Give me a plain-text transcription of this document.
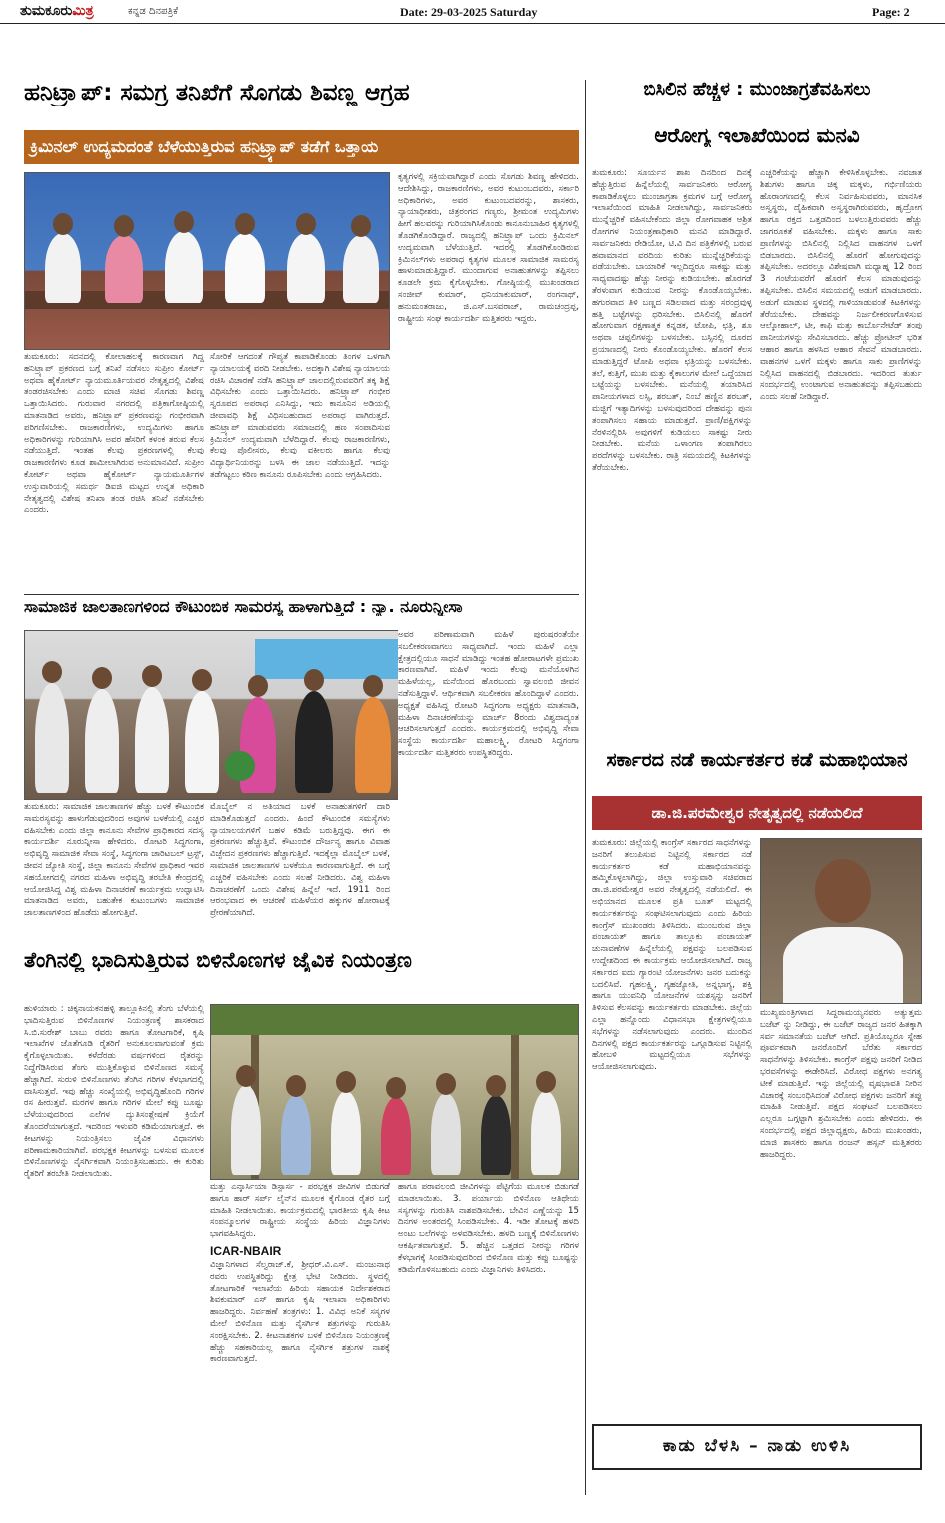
ತುಮಕೂರುಮಿತ್ರ	ಕನ್ನಡ ದಿನಪತ್ರಿಕೆ	Date: 29-03-2025 Saturday	Page: 2
ಹನಿಟ್ರ್ಯಾಪ್: ಸಮಗ್ರ ತನಿಖೆಗೆ ಸೊಗಡು ಶಿವಣ್ಣ ಆಗ್ರಹ
ಕ್ರಿಮಿನಲ್ ಉದ್ಯಮದಂತೆ ಬೆಳೆಯುತ್ತಿರುವ ಹನಿಟ್ರ್ಯಾಪ್ ತಡೆಗೆ ಒತ್ತಾಯ
ತುಮಕೂರು: ಸದನದಲ್ಲಿ ಕೋಲಾಹಲಕ್ಕೆ ಕಾರಣವಾಗ ಗಿದ್ದ ಹನಿಟ್ರ್ಯಾಪ್ ಪ್ರಕರಣದ ಬಗ್ಗೆ ತನಿಖೆ ನಡೆಸಲು ಸುಪ್ರೀಂ ಕೋರ್ಟ್ ಅಥವಾ ಹೈಕೋರ್ಟ್ ನ್ಯಾಯಮೂರ್ತಿಯವರ ನೇತೃತ್ವದಲ್ಲಿ ವಿಶೇಷ ತಂಡರಚಿಸಬೇಕು ಎಂದು ಮಾಜಿ ಸಚಿವ ಸೊಗಡು ಶಿವಣ್ಣ ಒತ್ತಾಯಿಸಿದರು. ಗುರುವಾರ ನಗರದಲ್ಲಿ ಪತ್ರಿಕಾಗೋಷ್ಠಿಯಲ್ಲಿ ಮಾತನಾಡಿದ ಅವರು, ಹನಿಟ್ರ್ಯಾಪ್ ಪ್ರಕರಣವನ್ನು ಗಂಭೀರವಾಗಿ ಪರಿಗಣಿಸಬೇಕು. ರಾಜಕಾರಣಿಗಳು, ಉದ್ಯಮಿಗಳು ಹಾಗೂ ಅಧಿಕಾರಿಗಳನ್ನು ಗುರಿಯಾಗಿಸಿ ಅವರ ಹೆಸರಿಗೆ ಕಳಂಕ ತರುವ ಕೆಲಸ ನಡೆಯುತ್ತಿದೆ. ಇಂತಹ ಕೆಲವು ಪ್ರಕರಣಗಳಲ್ಲಿ ಕೆಲವು ರಾಜಕಾರಣಿಗಳು ಕೂಡ ಶಾಮೀಲಾಗಿರುವ ಅನುಮಾನವಿದೆ. ಸುಪ್ರೀಂ ಕೋರ್ಟ್ ಅಥವಾ ಹೈಕೋರ್ಟ್ ನ್ಯಾಯಮೂರ್ತಿಗಳ ಉಸ್ತುವಾರಿಯಲ್ಲಿ ಸಮರ್ಥ ಡಿಐಜಿ ಮಟ್ಟದ ಉನ್ನತ ಅಧಿಕಾರಿ ನೇತೃತ್ವದಲ್ಲಿ ವಿಶೇಷ ತನಿಖಾ ತಂಡ ರಚಿಸಿ ತನಿಖೆ ನಡೆಸಬೇಕು ಎಂದರು.
ಸೋರಿಕೆ ಆಗದಂತೆ ಗೌಪ್ಯತೆ ಕಾಪಾಡಿಕೊಂಡು ತಿಂಗಳ ಒಳಗಾಗಿ ನ್ಯಾಯಾಲಯಕ್ಕೆ ವರದಿ ನೀಡಬೇಕು. ಅದಕ್ಕಾಗಿ ವಿಶೇಷ ನ್ಯಾಯಾಲಯ ರಚಿಸಿ ವಿಚಾರಣೆ ನಡೆಸಿ ಹನಿಟ್ರ್ಯಾಪ್ ಜಾಲದಲ್ಲಿರುವವರಿಗೆ ತಕ್ಕ ಶಿಕ್ಷೆ ವಿಧಿಸಬೇಕು ಎಂದು ಒತ್ತಾಯಿಸಿದರು. ಹನಿಟ್ರ್ಯಾಪ್ ಗಂಭೀರ ಸ್ವರೂಪದ ಅಪರಾಧ ಎನಿಸಿದ್ದು, ಇದು ಕಾನೂನಿನ ಅಡಿಯಲ್ಲಿ ಜೀವಾವಧಿ ಶಿಕ್ಷೆ ವಿಧಿಸಬಹುದಾದ ಅಪರಾಧ ವಾಗಿರುತ್ತದೆ. ಹನಿಟ್ರ್ಯಾಪ್ ಮಾಡುವವರು ಸಮಾಜದಲ್ಲಿ ಹಣ ಸಂಪಾದಿಸುವ ಕ್ರಿಮಿನಲ್ ಉದ್ಯಮವಾಗಿ ಬೆಳೆದಿದ್ದಾರೆ. ಕೆಲವು ರಾಜಕಾರಣಿಗಳು, ಕೆಲವು ಪೊಲೀಸರು, ಕೆಲವು ವಕೀಲರು ಹಾಗೂ ಕೆಲವು ವಿದ್ಯಾರ್ಥಿನಿಯರನ್ನು ಬಳಸಿ ಈ ಜಾಲ ನಡೆಯುತ್ತಿದೆ. ಇದನ್ನು ತಡೆಗಟ್ಟಲು ಕಠಿಣ ಕಾನೂನು ರೂಪಿಸಬೇಕು ಎಂದು ಆಗ್ರಹಿಸಿದರು.
ಕೃತ್ಯಗಳಲ್ಲಿ ಸಕ್ರಿಯವಾಗಿದ್ದಾರೆ ಎಂದು ಸೊಗಡು ಶಿವಣ್ಣ ಹೇಳಿದರು. ಆದೇಶಿಸಿದ್ದು, ರಾಜಕಾರಣಿಗಳು, ಅವರ ಕುಟುಂಬದವರು, ಸರ್ಕಾರಿ ಅಧಿಕಾರಿಗಳು, ಅವರ ಕುಟುಂಬದವರನ್ನು, ಶಾಸಕರು, ನ್ಯಾಯಾಧೀಶರು, ಚಿತ್ರರಂಗದ ಗಣ್ಯರು, ಶ್ರೀಮಂತ ಉದ್ಯಮಿಗಳು ಹೀಗೆ ಹಲವರನ್ನು ಗುರಿಯಾಗಿಸಿಕೊಂಡು ಕಾನೂನುಬಾಹಿರ ಕೃತ್ಯಗಳಲ್ಲಿ ತೊಡಗಿಕೊಂಡಿದ್ದಾರೆ. ರಾಜ್ಯದಲ್ಲಿ ಹನಿಟ್ರ್ಯಾಪ್ ಒಂದು ಕ್ರಿಮಿನಲ್ ಉದ್ಯಮವಾಗಿ ಬೆಳೆಯುತ್ತಿದೆ. ಇದರಲ್ಲಿ ತೊಡಗಿಕೊಂಡಿರುವ ಕ್ರಿಮಿನಲ್‌ಗಳು ಅಪರಾಧ ಕೃತ್ಯಗಳ ಮೂಲಕ ಸಾಮಾಜಿಕ ಸಾಮರಸ್ಯ ಹಾಳುಮಾಡುತ್ತಿದ್ದಾರೆ. ಮುಂದಾಗುವ ಅನಾಹುತಗಳನ್ನು ತಪ್ಪಿಸಲು ಕೂಡಲೇ ಕ್ರಮ ಕೈಗೊಳ್ಳಬೇಕು. ಗೋಷ್ಠಿಯಲ್ಲಿ ಮುಖಂಡರಾದ ಸಂಜೀವ್ ಕುಮಾರ್, ಧನಿಯಾಕುಮಾರ್, ರಂಗನಾಥ್, ಹನುಮಂತರಾಜು, ಜಿ.ಎಸ್.ಬಸವರಾಜ್, ರಾಮಚಂದ್ರಪ್ಪ, ರಾಷ್ಟ್ರೀಯ ಸಂಘ ಕಾರ್ಯದರ್ಶಿ ಮತ್ತಿತರರು ಇದ್ದರು.
ಬಿಸಿಲಿನ ಹೆಚ್ಚಳ : ಮುಂಜಾಗ್ರತೆವಹಿಸಲು
ಆರೋಗ್ಯ ಇಲಾಖೆಯಿಂದ ಮನವಿ
ತುಮಕೂರು: ಸೂರ್ಯನ ಶಾಖ ದಿನದಿಂದ ದಿನಕ್ಕೆ ಹೆಚ್ಚುತ್ತಿರುವ ಹಿನ್ನೆಲೆಯಲ್ಲಿ ಸಾರ್ವಜನಿಕರು ಆರೋಗ್ಯ ಕಾಪಾಡಿಕೊಳ್ಳಲು ಮುಂಜಾಗ್ರತಾ ಕ್ರಮಗಳ ಬಗ್ಗೆ ಆರೋಗ್ಯ ಇಲಾಖೆಯಿಂದ ಮಾಹಿತಿ ನೀಡಲಾಗಿದ್ದು, ಸಾರ್ವಜನಿಕರು ಮುನ್ನೆಚ್ಚರಿಕೆ ವಹಿಸಬೇಕೆಂದು ಜಿಲ್ಲಾ ರೋಗವಾಹಕ ಆಶ್ರಿತ ರೋಗಗಳ ನಿಯಂತ್ರಣಾಧಿಕಾರಿ ಮನವಿ ಮಾಡಿದ್ದಾರೆ. ಸಾರ್ವಜನಿಕರು ರೇಡಿಯೋ, ಟಿ.ವಿ ದಿನ ಪತ್ರಿಕೆಗಳಲ್ಲಿ ಬರುವ ಹವಾಮಾನದ ವರದಿಯ ಕುರಿತು ಮುನ್ನೆಚ್ಚರಿಕೆಯನ್ನು ಪಡೆಯಬೇಕು. ಬಾಯಾರಿಕೆ ಇಲ್ಲದಿದ್ದರೂ ಸಾಕಷ್ಟು ಮತ್ತು ಸಾಧ್ಯವಾದಷ್ಟು ಹೆಚ್ಚು ನೀರನ್ನು ಕುಡಿಯಬೇಕು. ಹೊರಗಡೆ ತೆರಳುವಾಗ ಕುಡಿಯುವ ನೀರನ್ನು ಕೊಂಡೊಯ್ಯಬೇಕು. ಹಗುರವಾದ ತಿಳಿ ಬಣ್ಣದ ಸಡಿಲವಾದ ಮತ್ತು ಸರಂದ್ರವುಳ್ಳ ಹತ್ತಿ ಬಟ್ಟೆಗಳನ್ನು ಧರಿಸಬೇಕು. ಬಿಸಿಲಿನಲ್ಲಿ ಹೊರಗೆ ಹೋಗುವಾಗ ರಕ್ಷಣಾತ್ಮಕ ಕನ್ನಡಕ, ಟೋಪಿ, ಛತ್ರಿ, ಶೂ ಅಥವಾ ಚಪ್ಪಲಿಗಳನ್ನು ಬಳಸಬೇಕು. ಬಸ್ಸಿನಲ್ಲಿ ದೂರದ ಪ್ರಯಾಣದಲ್ಲಿ ನೀರು ಕೊಂಡೊಯ್ಯಬೇಕು. ಹೊರಗೆ ಕೆಲಸ ಮಾಡುತ್ತಿದ್ದರೆ ಟೋಪಿ ಅಥವಾ ಛತ್ರಿಯನ್ನು ಬಳಸಬೇಕು. ತಲೆ, ಕುತ್ತಿಗೆ, ಮುಖ ಮತ್ತು ಕೈಕಾಲುಗಳ ಮೇಲೆ ಒದ್ದೆಯಾದ ಬಟ್ಟೆಯನ್ನು ಬಳಸಬೇಕು. ಮನೆಯಲ್ಲಿ ತಯಾರಿಸಿದ ಪಾನೀಯಗಳಾದ ಲಸ್ಸಿ, ಶರಬತ್, ನಿಂಬೆ ಹಣ್ಣಿನ ಶರಬತ್, ಮಜ್ಜಿಗೆ ಇತ್ಯಾದಿಗಳನ್ನು ಬಳಸುವುದರಿಂದ ದೇಹವನ್ನು ಪುನಃ ತಂಪಾಗಿಸಲು ಸಹಾಯ ಮಾಡುತ್ತದೆ. ಪ್ರಾಣಿ/ಪಕ್ಷಿಗಳನ್ನು ನೆರಳಿನಲ್ಲಿರಿಸಿ ಅವುಗಳಿಗೆ ಕುಡಿಯಲು ಸಾಕಷ್ಟು ನೀರು ನೀಡಬೇಕು. ಮನೆಯ ಒಳಾಂಗಣ ತಂಪಾಗಿರಲು ಪರದೆಗಳನ್ನು ಬಳಸಬೇಕು. ರಾತ್ರಿ ಸಮಯದಲ್ಲಿ ಕಿಟಕಿಗಳನ್ನು ತೆರೆಯಬೇಕು.
ಎಚ್ಚರಿಕೆಯನ್ನು ಹೆಚ್ಚಾಗಿ ಕೇಳಿಸಿಕೊಳ್ಳಬೇಕು. ನವಜಾತ ಶಿಶುಗಳು ಹಾಗೂ ಚಿಕ್ಕ ಮಕ್ಕಳು, ಗರ್ಭಿಣಿಯರು ಹೊರಾಂಗಣದಲ್ಲಿ ಕೆಲಸ ನಿರ್ವಹಿಸುವವರು, ಮಾನಸಿಕ ಅಸ್ವಸ್ಥರು, ದೈಹಿಕವಾಗಿ ಅಸ್ವಸ್ಥರಾಗಿರುವವರು, ಹೃದ್ರೋಗ ಹಾಗೂ ರಕ್ತದ ಒತ್ತಡದಿಂದ ಬಳಲುತ್ತಿರುವವರು ಹೆಚ್ಚು ಜಾಗರೂಕತೆ ವಹಿಸಬೇಕು. ಮಕ್ಕಳು ಹಾಗೂ ಸಾಕು ಪ್ರಾಣಿಗಳನ್ನು ಬಿಸಿಲಿನಲ್ಲಿ ನಿಲ್ಲಿಸಿದ ವಾಹನಗಳ ಒಳಗೆ ಬಿಡಬಾರದು. ಬಿಸಿಲಿನಲ್ಲಿ ಹೊರಗೆ ಹೋಗುವುದನ್ನು ತಪ್ಪಿಸಬೇಕು. ಅದರಲ್ಲೂ ವಿಶೇಷವಾಗಿ ಮಧ್ಯಾಹ್ನ 12 ರಿಂದ 3 ಗಂಟೆಯವರೆಗೆ ಹೊರಗೆ ಕೆಲಸ ಮಾಡುವುದನ್ನು ತಪ್ಪಿಸಬೇಕು. ಬಿಸಿಲಿನ ಸಮಯದಲ್ಲಿ ಅಡುಗೆ ಮಾಡಬಾರದು. ಅಡುಗೆ ಮಾಡುವ ಸ್ಥಳದಲ್ಲಿ ಗಾಳಿಯಾಡುವಂತೆ ಕಿಟಕಿಗಳನ್ನು ತೆರೆಯಬೇಕು. ದೇಹವನ್ನು ನಿರ್ಜಲೀಕರಣಗೊಳಿಸುವ ಆಲ್ಕೋಹಾಲ್, ಟೀ, ಕಾಫಿ ಮತ್ತು ಕಾರ್ಬೊನೇಟೆಡ್ ತಂಪು ಪಾನೀಯಗಳನ್ನು ಸೇವಿಸಬಾರದು. ಹೆಚ್ಚು ಪ್ರೋಟೀನ್ ಭರಿತ ಆಹಾರ ಹಾಗೂ ಹಳಸಿದ ಆಹಾರ ಸೇವನೆ ಮಾಡಬಾರದು. ವಾಹನಗಳ ಒಳಗೆ ಮಕ್ಕಳು ಹಾಗೂ ಸಾಕು ಪ್ರಾಣಿಗಳನ್ನು ನಿಲ್ಲಿಸಿದ ವಾಹನದಲ್ಲಿ ಬಿಡಬಾರದು. ಇದರಿಂದ ತುರ್ತು ಸಂದರ್ಭದಲ್ಲಿ ಉಂಟಾಗುವ ಅನಾಹುತವನ್ನು ತಪ್ಪಿಸಬಹುದು ಎಂದು ಸಲಹೆ ನೀಡಿದ್ದಾರೆ.
ಸಾಮಾಜಿಕ ಜಾಲತಾಣಗಳಿಂದ ಕೌಟುಂಬಿಕ ಸಾಮರಸ್ಯ ಹಾಳಾಗುತ್ತಿದೆ : ನ್ಯಾ. ನೂರುನ್ನೀಸಾ
ತುಮಕೂರು: ಸಾಮಾಜಿಕ ಜಾಲತಾಣಗಳ ಹೆಚ್ಚು ಬಳಕೆ ಕೌಟುಂಬಿಕ ಸಾಮರಸ್ಯವನ್ನು ಹಾಳುಗೆಡುವುದರಿಂದ ಅವುಗಳ ಬಳಕೆಯಲ್ಲಿ ಎಚ್ಚರ ವಹಿಸಬೇಕು ಎಂದು ಜಿಲ್ಲಾ ಕಾನೂನು ಸೇವೆಗಳ ಪ್ರಾಧಿಕಾರದ ಸದಸ್ಯ ಕಾರ್ಯದರ್ಶಿ ನೂರುನ್ನೀಸಾ ಹೇಳಿದರು. ರೋಟರಿ ಸಿದ್ಧಗಂಗಾ, ಅಭಿವೃದ್ಧಿ ಸಾಮಾಜಿಕ ಸೇವಾ ಸಂಸ್ಥೆ, ಸಿದ್ಧಗಂಗಾ ಚಾರಿಟಬಲ್ ಟ್ರಸ್ಟ್, ಜೀವನ ಜ್ಯೋತಿ ಸಂಸ್ಥೆ, ಜಿಲ್ಲಾ ಕಾನೂನು ಸೇವೆಗಳ ಪ್ರಾಧಿಕಾರ ಇವರ ಸಹಯೋಗದಲ್ಲಿ ನಗರದ ಮಹಿಳಾ ಅಭಿವೃದ್ಧಿ ತರಬೇತಿ ಕೇಂದ್ರದಲ್ಲಿ ಆಯೋಜಿಸಿದ್ದ ವಿಶ್ವ ಮಹಿಳಾ ದಿನಾಚರಣೆ ಕಾರ್ಯಕ್ರಮ ಉದ್ಘಾಟಿಸಿ ಮಾತನಾಡಿದ ಅವರು, ಬಹುತೇಕ ಕುಟುಂಬಗಳು ಸಾಮಾಜಿಕ ಜಾಲತಾಣಗಳಿಂದ ಹೊಡೆದು ಹೋಗುತ್ತಿವೆ.
ಮೊಬೈಲ್ ನ ಅತಿಯಾದ ಬಳಕೆ ಅನಾಹುತಗಳಿಗೆ ದಾರಿ ಮಾಡಿಕೊಡುತ್ತದೆ ಎಂದರು. ಹಿಂದೆ ಕೌಟುಂಬಿಕ ಸಮಸ್ಯೆಗಳು ನ್ಯಾಯಾಲಯಗಳಿಗೆ ಬಹಳ ಕಡಿಮೆ ಬರುತ್ತಿದ್ದವು. ಈಗ ಈ ಪ್ರಕರಣಗಳು ಹೆಚ್ಚುತ್ತಿವೆ. ಕೌಟುಂಬಿಕ ದೌರ್ಜನ್ಯ ಹಾಗೂ ವಿವಾಹ ವಿಚ್ಛೇದನ ಪ್ರಕರಣಗಳು ಹೆಚ್ಚಾಗುತ್ತಿವೆ. ಇದಕ್ಕೆಲ್ಲಾ ಮೊಬೈಲ್ ಬಳಕೆ, ಸಾಮಾಜಿಕ ಜಾಲತಾಣಗಳ ಬಳಕೆಯೂ ಕಾರಣವಾಗುತ್ತಿದೆ. ಈ ಬಗ್ಗೆ ಎಚ್ಚರಿಕೆ ವಹಿಸಬೇಕು ಎಂದು ಸಲಹೆ ನೀಡಿದರು. ವಿಶ್ವ ಮಹಿಳಾ ದಿನಾಚರಣೆಗೆ ಒಂದು ವಿಶೇಷ ಹಿನ್ನೆಲೆ ಇದೆ. 1911 ರಿಂದ ಆರಂಭವಾದ ಈ ಆಚರಣೆ ಮಹಿಳೆಯರ ಹಕ್ಕುಗಳ ಹೋರಾಟಕ್ಕೆ ಪ್ರೇರಣೆಯಾಗಿದೆ.
ಅವರ ಪರಿಣಾಮವಾಗಿ ಮಹಿಳೆ ಪುರುಷರಂತೆಯೇ ಸಬಲೀಕರಣವಾಗಲು ಸಾಧ್ಯವಾಗಿದೆ. ಇಂದು ಮಹಿಳೆ ಎಲ್ಲಾ ಕ್ಷೇತ್ರದಲ್ಲಿಯೂ ಸಾಧನೆ ಮಾಡಿದ್ದು ಇಂತಹ ಹೋರಾಟಗಳೇ ಪ್ರಮುಖ ಕಾರಣವಾಗಿವೆ. ಮಹಿಳೆ ಇಂದು ಕೆಲವು ಮನೆಯೊಳಗಿನ ಮಹಿಳೆಯಲ್ಲ, ಮನೆಯಿಂದ ಹೊರಬಂದು ಸ್ವಾವಲಂಬಿ ಜೀವನ ನಡೆಸುತ್ತಿದ್ದಾಳೆ. ಆರ್ಥಿಕವಾಗಿ ಸಬಲೀಕರಣ ಹೊಂದಿದ್ದಾಳೆ ಎಂದರು. ಅಧ್ಯಕ್ಷತೆ ವಹಿಸಿದ್ದ ರೋಟರಿ ಸಿದ್ಧಗಂಗಾ ಅಧ್ಯಕ್ಷರು ಮಾತನಾಡಿ, ಮಹಿಳಾ ದಿನಾಚರಣೆಯನ್ನು ಮಾರ್ಚ್ 8ರಂದು ವಿಶ್ವದಾದ್ಯಂತ ಆಚರಿಸಲಾಗುತ್ತದೆ ಎಂದರು. ಕಾರ್ಯಕ್ರಮದಲ್ಲಿ ಅಭಿವೃದ್ಧಿ ಸೇವಾ ಸಂಸ್ಥೆಯ ಕಾರ್ಯದರ್ಶಿ ಮಹಾಲಕ್ಷ್ಮಿ, ರೋಟರಿ ಸಿದ್ಧಗಂಗಾ ಕಾರ್ಯದರ್ಶಿ ಮತ್ತಿತರರು ಉಪಸ್ಥಿತರಿದ್ದರು.	ಸರ್ಕಾರದ ನಡೆ ಕಾರ್ಯಕರ್ತರ ಕಡೆ ಮಹಾಭಿಯಾನ
ಡಾ.ಜಿ.ಪರಮೇಶ್ವರ ನೇತೃತ್ವದಲ್ಲಿ ನಡೆಯಲಿದೆ
ತುಮಕೂರು: ಜಿಲ್ಲೆಯಲ್ಲಿ ಕಾಂಗ್ರೆಸ್ ಸರ್ಕಾರದ ಸಾಧನೆಗಳನ್ನು ಜನರಿಗೆ ತಲುಪಿಸುವ ನಿಟ್ಟಿನಲ್ಲಿ ಸರ್ಕಾರದ ನಡೆ ಕಾರ್ಯಕರ್ತರ ಕಡೆ ಮಹಾಭಿಯಾನವನ್ನು ಹಮ್ಮಿಕೊಳ್ಳಲಾಗಿದ್ದು, ಜಿಲ್ಲಾ ಉಸ್ತುವಾರಿ ಸಚಿವರಾದ ಡಾ.ಜಿ.ಪರಮೇಶ್ವರ ಅವರ ನೇತೃತ್ವದಲ್ಲಿ ನಡೆಯಲಿದೆ. ಈ ಅಭಿಯಾನದ ಮೂಲಕ ಪ್ರತಿ ಬೂತ್ ಮಟ್ಟದಲ್ಲಿ ಕಾರ್ಯಕರ್ತರನ್ನು ಸಂಘಟಿಸಲಾಗುವುದು ಎಂದು ಹಿರಿಯ ಕಾಂಗ್ರೆಸ್ ಮುಖಂಡರು ತಿಳಿಸಿದರು. ಮುಂಬರುವ ಜಿಲ್ಲಾ ಪಂಚಾಯತ್ ಹಾಗೂ ತಾಲ್ಲೂಕು ಪಂಚಾಯತ್ ಚುನಾವಣೆಗಳ ಹಿನ್ನೆಲೆಯಲ್ಲಿ ಪಕ್ಷವನ್ನು ಬಲಪಡಿಸುವ ಉದ್ದೇಶದಿಂದ ಈ ಕಾರ್ಯಕ್ರಮ ಆಯೋಜಿಸಲಾಗಿದೆ. ರಾಜ್ಯ ಸರ್ಕಾರದ ಐದು ಗ್ಯಾರಂಟಿ ಯೋಜನೆಗಳು ಜನರ ಬದುಕನ್ನು ಬದಲಿಸಿವೆ. ಗೃಹಲಕ್ಷ್ಮಿ, ಗೃಹಜ್ಯೋತಿ, ಅನ್ನಭಾಗ್ಯ, ಶಕ್ತಿ ಹಾಗೂ ಯುವನಿಧಿ ಯೋಜನೆಗಳ ಯಶಸ್ಸನ್ನು ಜನರಿಗೆ ತಿಳಿಸುವ ಕೆಲಸವನ್ನು ಕಾರ್ಯಕರ್ತರು ಮಾಡಬೇಕು. ಜಿಲ್ಲೆಯ ಎಲ್ಲಾ ಹನ್ನೊಂದು ವಿಧಾನಸಭಾ ಕ್ಷೇತ್ರಗಳಲ್ಲಿಯೂ ಸಭೆಗಳನ್ನು ನಡೆಸಲಾಗುವುದು ಎಂದರು. ಮುಂದಿನ ದಿನಗಳಲ್ಲಿ ಪಕ್ಷದ ಕಾರ್ಯಕರ್ತರನ್ನು ಒಗ್ಗೂಡಿಸುವ ನಿಟ್ಟಿನಲ್ಲಿ ಹೋಬಳಿ ಮಟ್ಟದಲ್ಲಿಯೂ ಸಭೆಗಳನ್ನು ಆಯೋಜಿಸಲಾಗುವುದು.
ಮುಖ್ಯಮಂತ್ರಿಗಳಾದ ಸಿದ್ದರಾಮಯ್ಯನವರು ಅತ್ಯುತ್ತಮ ಬಜೆಟ್ ನ್ನು ನೀಡಿದ್ದು, ಈ ಬಜೆಟ್ ರಾಜ್ಯದ ಜನರ ಹಿತಕ್ಕಾಗಿ ಸರ್ವ ಸಮಾನತೆಯ ಬಜೆಟ್ ಆಗಿದೆ. ಪ್ರತಿಯೊಬ್ಬರೂ ಸ್ನೇಹ ಪೂರ್ವಕವಾಗಿ ಜನರೊಂದಿಗೆ ಬೆರೆತು ಸರ್ಕಾರದ ಸಾಧನೆಗಳನ್ನು ತಿಳಿಸಬೇಕು. ಕಾಂಗ್ರೆಸ್ ಪಕ್ಷವು ಜನರಿಗೆ ನೀಡಿದ ಭರವಸೆಗಳನ್ನು ಈಡೇರಿಸಿದೆ. ವಿರೋಧ ಪಕ್ಷಗಳು ಅನಗತ್ಯ ಟೀಕೆ ಮಾಡುತ್ತಿವೆ. ಇನ್ನು ಜಿಲ್ಲೆಯಲ್ಲಿ ವೃಷಭಾವತಿ ನೀರಿನ ವಿಚಾರಕ್ಕೆ ಸಂಬಂಧಿಸಿದಂತೆ ವಿರೋಧ ಪಕ್ಷಗಳು ಜನರಿಗೆ ತಪ್ಪು ಮಾಹಿತಿ ನೀಡುತ್ತಿವೆ. ಪಕ್ಷದ ಸಂಘಟನೆ ಬಲಪಡಿಸಲು ಎಲ್ಲರೂ ಒಗ್ಗಟ್ಟಾಗಿ ಶ್ರಮಿಸಬೇಕು ಎಂದು ಹೇಳಿದರು. ಈ ಸಂದರ್ಭದಲ್ಲಿ ಪಕ್ಷದ ಜಿಲ್ಲಾಧ್ಯಕ್ಷರು, ಹಿರಿಯ ಮುಖಂಡರು, ಮಾಜಿ ಶಾಸಕರು ಹಾಗೂ ರಂಜನ್ ಹಸ್ಸನ್ ಮತ್ತಿತರರು ಹಾಜರಿದ್ದರು.
ಕಾಡು ಬೆಳಸಿ – ನಾಡು ಉಳಿಸಿ
ತೆಂಗಿನಲ್ಲಿ ಭಾದಿಸುತ್ತಿರುವ ಬಿಳಿನೊಣಗಳ ಜೈವಿಕ ನಿಯಂತ್ರಣ
ಹುಳಿಯಾರು : ಚಿಕ್ಕನಾಯಕನಹಳ್ಳಿ ತಾಲ್ಲೂಕಿನಲ್ಲಿ ತೆಂಗು ಬೆಳೆಯಲ್ಲಿ ಭಾದಿಸುತ್ತಿರುವ ಬಿಳಿನೊಣಗಳ ನಿಯಂತ್ರಣಕ್ಕೆ ಶಾಸಕರಾದ ಸಿ.ಬಿ.ಸುರೇಶ್ ಬಾಬು ರವರು ಹಾಗೂ ತೋಟಗಾರಿಕೆ, ಕೃಷಿ ಇಲಾಖೆಗಳ ಜೊತೆಗೂಡಿ ರೈತರಿಗೆ ಅನುಕೂಲವಾಗುವಂತೆ ಕ್ರಮ ಕೈಗೊಳ್ಳಲಾಯಿತು. ಕಳೆದೆರಡು ವರ್ಷಗಳಿಂದ ರೈತರನ್ನು ನಿದ್ದೆಗೆಡಿಸಿರುವ ತೆಂಗು ಮುತ್ತಿಕೊಳ್ಳುವ ಬಿಳಿನೊಣದ ಸಮಸ್ಯೆ ಹೆಚ್ಚಾಗಿದೆ. ಸುರುಳಿ ಬಿಳಿನೊಣಗಳು ತೆಂಗಿನ ಗರಿಗಳ ಕೆಳಭಾಗದಲ್ಲಿ ವಾಸಿಸುತ್ತವೆ. ಇವು ಹೆಚ್ಚು ಸಂಖ್ಯೆಯಲ್ಲಿ ಅಭಿವೃದ್ಧಿಹೊಂದಿ ಗರಿಗಳ ರಸ ಹೀರುತ್ತವೆ. ಮರಗಳ ಹಾಗೂ ಗರಿಗಳ ಮೇಲೆ ಕಪ್ಪು ಬೂಷ್ಟು ಬೆಳೆಯುವುದರಿಂದ ಎಲೆಗಳ ದ್ಯುತಿಸಂಶ್ಲೇಷಣೆ ಕ್ರಿಯೆಗೆ ತೊಂದರೆಯಾಗುತ್ತದೆ. ಇದರಿಂದ ಇಳುವರಿ ಕಡಿಮೆಯಾಗುತ್ತದೆ. ಈ ಕೀಟಗಳನ್ನು ನಿಯಂತ್ರಿಸಲು ಜೈವಿಕ ವಿಧಾನಗಳು ಪರಿಣಾಮಕಾರಿಯಾಗಿವೆ. ಪರಭಕ್ಷಕ ಕೀಟಗಳನ್ನು ಬಳಸುವ ಮೂಲಕ ಬಿಳಿನೊಣಗಳನ್ನು ನೈಸರ್ಗಿಕವಾಗಿ ನಿಯಂತ್ರಿಸಬಹುದು. ಈ ಕುರಿತು ರೈತರಿಗೆ ತರಬೇತಿ ನೀಡಲಾಯಿತು.
ಮತ್ತು ಎನ್ಕಾರ್ಸಿಯಾ ಡಿಸ್ಪಾರ್ಸ - ಪರಭಕ್ಷಕ ಜೀವಿಗಳ ಬಿಡುಗಡೆ ಹಾಗೂ ಹಾರ್ ಸರ್ಪ್ ಲೈನ್‌ನ ಮೂಲಕ ಕೈಗೊಂಡ ರೈತರ ಬಗ್ಗೆ ಮಾಹಿತಿ ನೀಡಲಾಯಿತು. ಕಾರ್ಯಕ್ರಮದಲ್ಲಿ ಭಾರತೀಯ ಕೃಷಿ ಕೀಟ ಸಂಪನ್ಮೂಲಗಳ ರಾಷ್ಟ್ರೀಯ ಸಂಸ್ಥೆಯ ಹಿರಿಯ ವಿಜ್ಞಾನಿಗಳು ಭಾಗವಹಿಸಿದ್ದರು.
ICAR-NBAIR
ವಿಜ್ಞಾನಿಗಳಾದ ಸೆಲ್ವರಾಜ್.ಕೆ, ಶ್ರೀಧರ್.ವಿ.ಎಸ್. ಮಂಜುನಾಥ ರವರು ಉಪಸ್ಥಿತರಿದ್ದು ಕ್ಷೇತ್ರ ಭೇಟಿ ನೀಡಿದರು. ಸ್ಥಳದಲ್ಲಿ ತೋಟಗಾರಿಕೆ ಇಲಾಖೆಯ ಹಿರಿಯ ಸಹಾಯಕ ನಿರ್ದೇಶಕರಾದ ಶಿವಕುಮಾರ್ ಎಸ್ ಹಾಗೂ ಕೃಷಿ ಇಲಾಖಾ ಅಧಿಕಾರಿಗಳು ಹಾಜರಿದ್ದರು. ನಿರ್ವಹಣೆ ತಂತ್ರಗಳು: 1. ವಿವಿಧ ಅನಿಕೆ ಸಸ್ಯಗಳ ಮೇಲೆ ಬಿಳಿನೊಣ ಮತ್ತು ನೈಸರ್ಗಿಕ ಶತ್ರುಗಳನ್ನು ಗುರುತಿಸಿ ಸಂರಕ್ಷಿಸಬೇಕು. 2. ಕೀಟನಾಶಕಗಳ ಬಳಕೆ ಬಿಳಿನೊಣ ನಿಯಂತ್ರಣಕ್ಕೆ ಹೆಚ್ಚು ಸಹಕಾರಿಯಲ್ಲ ಹಾಗೂ ನೈಸರ್ಗಿಕ ಶತ್ರುಗಳ ನಾಶಕ್ಕೆ ಕಾರಣವಾಗುತ್ತದೆ.
ಹಾಗೂ ಪರಾವಲಂಬಿ ಜೀವಿಗಳನ್ನು ಪೆಟ್ಟಿಗೆಯ ಮೂಲಕ ಬಿಡುಗಡೆ ಮಾಡಲಾಯಿತು. 3. ಪರ್ಯಾಯ ಬಿಳಿನೊಣ ಆತಿಥೇಯ ಸಸ್ಯಗಳನ್ನು ಗುರುತಿಸಿ ನಾಶಪಡಿಸಬೇಕು. ಬೇವಿನ ಎಣ್ಣೆಯನ್ನು 15 ದಿನಗಳ ಅಂತರದಲ್ಲಿ ಸಿಂಪಡಿಸಬೇಕು. 4. ಇಡೀ ತೋಟಕ್ಕೆ ಹಳದಿ ಅಂಟು ಬಲೆಗಳನ್ನು ಅಳವಡಿಸಬೇಕು. ಹಳದಿ ಬಣ್ಣಕ್ಕೆ ಬಿಳಿನೊಣಗಳು ಆಕರ್ಷಿತವಾಗುತ್ತವೆ. 5. ಹೆಚ್ಚಿನ ಒತ್ತಡದ ನೀರನ್ನು ಗರಿಗಳ ಕೆಳಭಾಗಕ್ಕೆ ಸಿಂಪಡಿಸುವುದರಿಂದ ಬಿಳಿನೊಣ ಮತ್ತು ಕಪ್ಪು ಬೂಷ್ಟನ್ನು ಕಡಿಮೆಗೊಳಿಸಬಹುದು ಎಂದು ವಿಜ್ಞಾನಿಗಳು ತಿಳಿಸಿದರು.
